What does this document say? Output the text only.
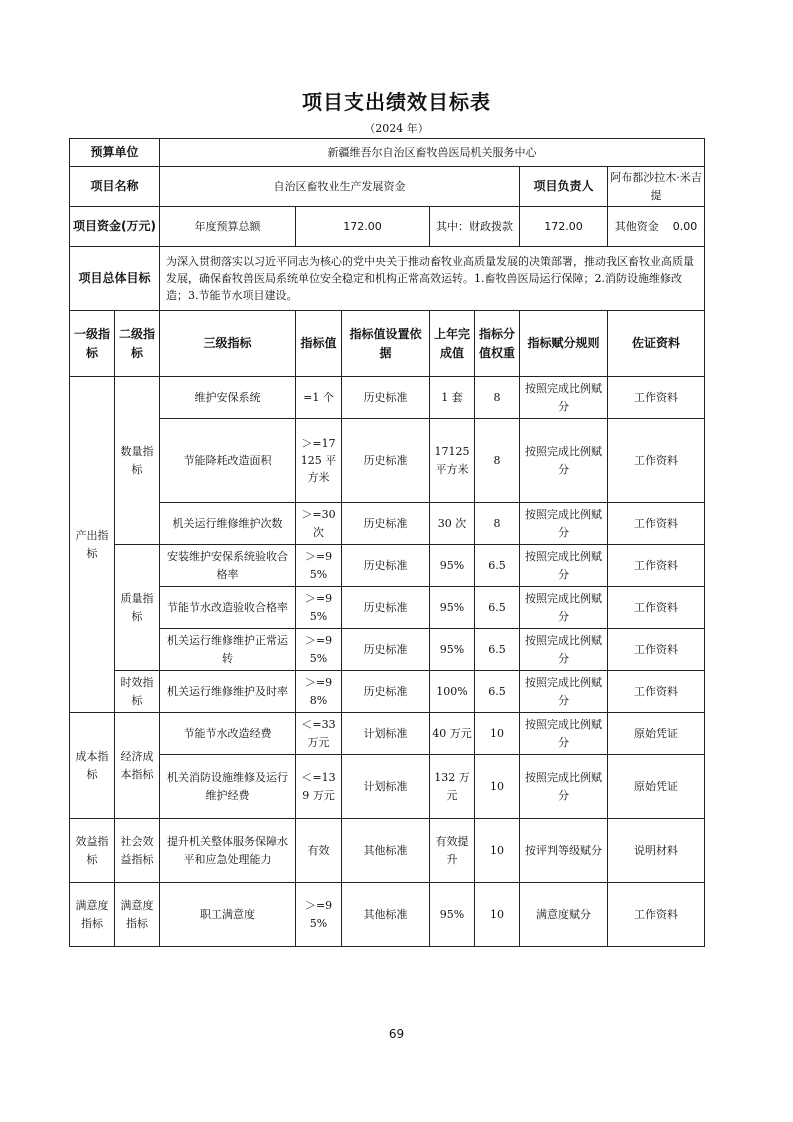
项目支出绩效目标表
（2024 年）
预算单位		新疆维吾尔自治区畜牧兽医局机关服务中心						
项目名称		自治区畜牧业生产发展资金					项目负责人	阿布都沙拉木·米吉提
项目资金(万元)		年度预算总额	172.00		其中：财政拨款		172.00	其他资金 0.00
项目总体目标		为深入贯彻落实以习近平同志为核心的党中央关于推动畜牧业高质量发展的决策部署，推动我区畜牧业高质量发展，确保畜牧兽医局系统单位安全稳定和机构正常高效运转。1.畜牧兽医局运行保障；2.消防设施维修改造；3.节能节水项目建设。						
一级指标	二级指标	三级指标	指标值	指标值设置依据	上年完成值	指标分值权重	指标赋分规则	佐证资料
产出指标	数量指标	维护安保系统	=1 个	历史标准	1 套	8	按照完成比例赋分	工作资料
		节能降耗改造面积	＞=17125 平方米	历史标准	17125 平方米	8	按照完成比例赋分	工作资料
		机关运行维修维护次数	＞=30 次	历史标准	30 次	8	按照完成比例赋分	工作资料
	质量指标	安装维护安保系统验收合格率	＞=95%	历史标准	95%	6.5	按照完成比例赋分	工作资料
		节能节水改造验收合格率	＞=95%	历史标准	95%	6.5	按照完成比例赋分	工作资料
		机关运行维修维护正常运转	＞=95%	历史标准	95%	6.5	按照完成比例赋分	工作资料
	时效指标	机关运行维修维护及时率	＞=98%	历史标准	100%	6.5	按照完成比例赋分	工作资料
成本指标	经济成本指标	节能节水改造经费	＜=33 万元	计划标准	40 万元	10	按照完成比例赋分	原始凭证
		机关消防设施维修及运行维护经费	＜=139 万元	计划标准	132 万元	10	按照完成比例赋分	原始凭证
效益指标	社会效益指标	提升机关整体服务保障水平和应急处理能力	有效	其他标准	有效提升	10	按评判等级赋分	说明材料
满意度指标	满意度指标	职工满意度	＞=95%	其他标准	95%	10	满意度赋分	工作资料
69
